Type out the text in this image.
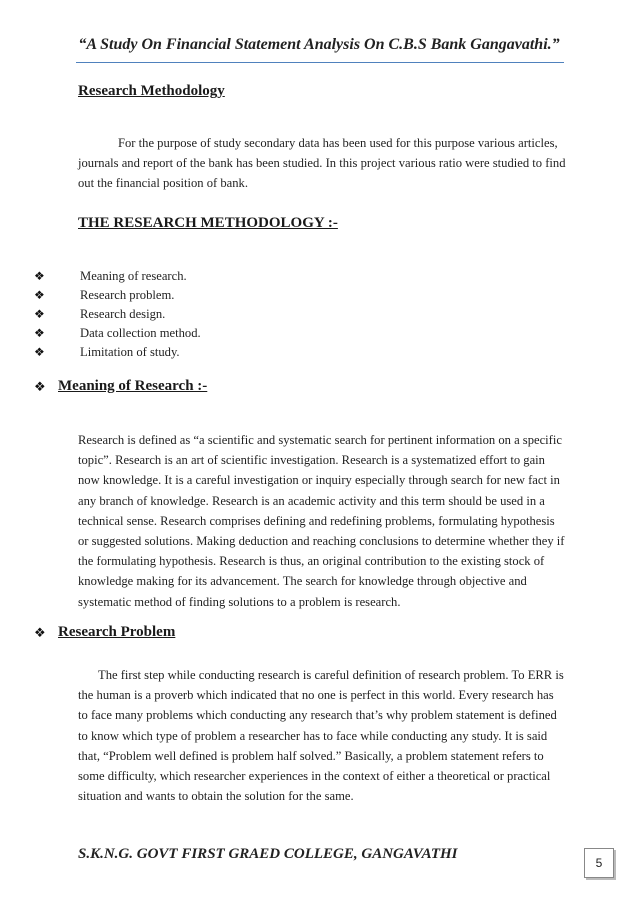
“A Study On Financial Statement Analysis On C.B.S Bank Gangavathi.”
Research Methodology
For the purpose of study secondary data has been used for this purpose various articles, journals and report of the bank has been studied. In this project various ratio were studied to find out the financial position of bank.
THE RESEARCH METHODOLOGY :-
❖	Meaning of research.
❖	Research problem.
❖	Research design.
❖	Data collection method.
❖	Limitation of study.
❖ Meaning of Research :-
Research is defined as “a scientific and systematic search for pertinent information on a specific topic”. Research is an art of scientific investigation. Research is a systematized effort to gain now knowledge. It is a careful investigation or inquiry especially through search for new fact in any branch of knowledge. Research is an academic activity and this term should be used in a technical sense. Research comprises defining and redefining problems, formulating hypothesis or suggested solutions. Making deduction and reaching conclusions to determine whether they if the formulating hypothesis. Research is thus, an original contribution to the existing stock of knowledge making for its advancement. The search for knowledge through objective and systematic method of finding solutions to a problem is research.
❖ Research Problem
The first step while conducting research is careful definition of research problem. To ERR is the human is a proverb which indicated that no one is perfect in this world. Every research has to face many problems which conducting any research that’s why problem statement is defined to know which type of problem a researcher has to face while conducting any study. It is said that, “Problem well defined is problem half solved.” Basically, a problem statement refers to some difficulty, which researcher experiences in the context of either a theoretical or practical situation and wants to obtain the solution for the same.
S.K.N.G. GOVT FIRST GRAED COLLEGE, GANGAVATHI
5
